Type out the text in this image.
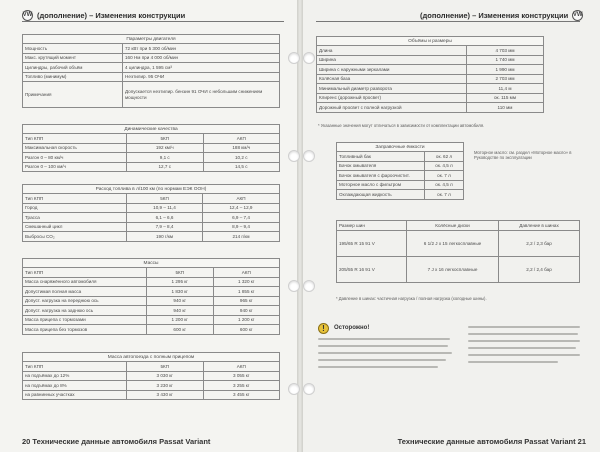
VW (дополнение) – Изменения конструкции	(дополнение) – Изменения конструкции VW
Параметры двигателя	
Мощность	72 кВт при 5 300 об/мин
Макс. крутящий момент	160 Нм при 4 000 об/мин
Цилиндры, рабочий объём	4 цилиндра, 1 595 см³
Топливо (минимум)	Неэтилир. 95 ОЧИ
Примечания	Допускается неэтилир. бензин 91 ОЧИ с небольшим снижением мощности
Динамические качества		
Тип КПП	5КП	АКП
Максимальная скорость	192 км/ч	188 км/ч
Разгон 0 – 80 км/ч	9,1 с	10,2 с
Разгон 0 – 100 км/ч	12,7 с	14,5 с
Расход топлива в л/100 км (по нормам ЕЭК ООН)		
Тип КПП	5КП	АКП
Город	10,9 – 11,4	12,4 – 12,9
Трасса	6,1 – 6,6	6,9 – 7,4
Смешанный цикл	7,9 – 8,4	8,9 – 9,4
Выбросы CO₂	190 г/км	214 г/км
Массы		
Тип КПП	5КП	АКП
Масса снаряжённого автомобиля	1 295 кг	1 320 кг
Допустимая полная масса	1 830 кг	1 855 кг
Допуст. нагрузка на переднюю ось	940 кг	965 кг
Допуст. нагрузка на заднюю ось	940 кг	940 кг
Масса прицепа с тормозами	1 200 кг	1 200 кг
Масса прицепа без тормозов	600 кг	600 кг
Масса автопоезда с полным прицепом		
Тип КПП	5КП	АКП
на подъёмах до 12%	3 030 кг	3 055 кг
на подъёмах до 8%	3 230 кг	3 255 кг
на равнинных участках	3 430 кг	3 455 кг
20 Технические данные автомобиля Passat Variant
Объёмы и размеры	
Длина	4 703 мм
Ширина	1 740 мм
Ширина с наружными зеркалами	1 990 мм
Колёсная база	2 703 мм
Минимальный диаметр разворота	11,4 м
Клиренс (дорожный просвет)	ок. 115 мм
Дорожный просвет с полной нагрузкой	110 мм
* Указанные значения могут отличаться в зависимости от комплектации автомобиля.
Заправочные ёмкости	
Топливный бак	ок. 62 л
Бачок омывателя	ок. 4,5 л
Бачок омывателя с фароочистит.	ок. 7 л
Моторное масло с фильтром	ок. 4,5 л
Охлаждающая жидкость	ок. 7 л
Моторное масло: см. раздел «Моторное масло» в Руководстве по эксплуатации
Размер шин	Колёсные диски	Давление в шинах
195/65 R 15 91 V	6 1/2 J x 15 легкосплавные	2,2 / 2,3 бар
205/55 R 16 91 V	7 J x 16 легкосплавные	2,2 / 2,4 бар
* Давление в шинах: частичная нагрузка / полная нагрузка (холодные шины).
!	Осторожно!
Технические данные автомобиля Passat Variant 21
